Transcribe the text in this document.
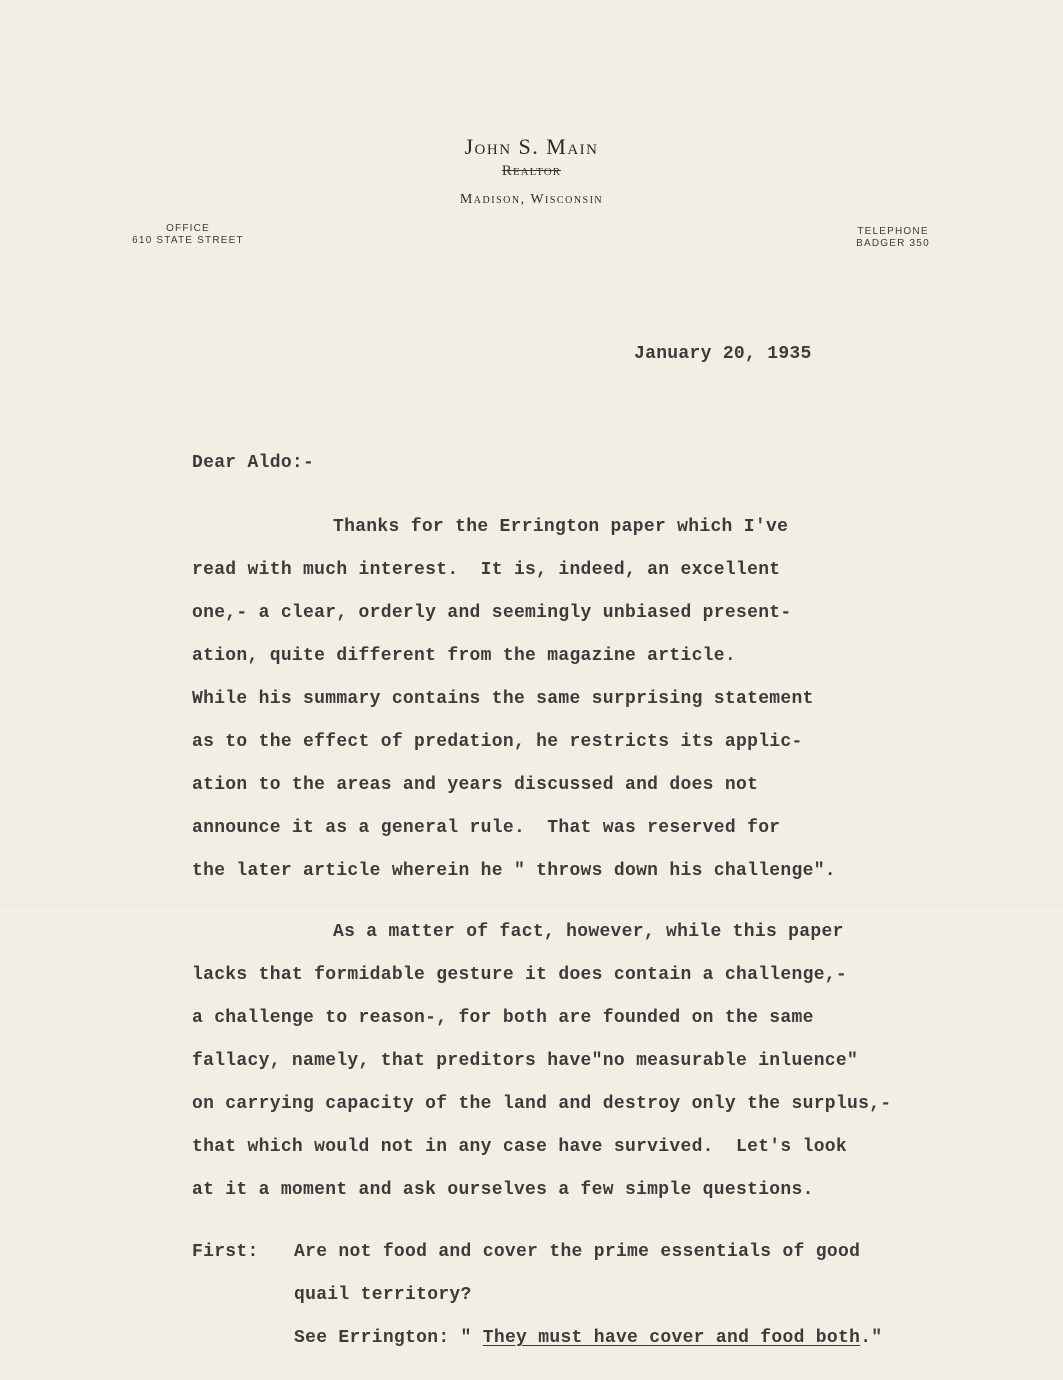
John S. Main
Realtor
Madison, Wisconsin
OFFICE
610 STATE STREET
TELEPHONE
BADGER 350
January 20, 1935
Dear Aldo:-
Thanks for the Errington paper which I've
read with much interest.  It is, indeed, an excellent
one,- a clear, orderly and seemingly unbiased present-
ation, quite different from the magazine article.
While his summary contains the same surprising statement
as to the effect of predation, he restricts its applic-
ation to the areas and years discussed and does not
announce it as a general rule.  That was reserved for
the later article wherein he " throws down his challenge".
As a matter of fact, however, while this paper
lacks that formidable gesture it does contain a challenge,-
a challenge to reason-, for both are founded on the same
fallacy, namely, that preditors have"no measurable inluence"
on carrying capacity of the land and destroy only the surplus,-
that which would not in any case have survived.  Let's look
at it a moment and ask ourselves a few simple questions.
First: Are not food and cover the prime essentials of good
quail territory?
See Errington: " They must have cover and food both."
